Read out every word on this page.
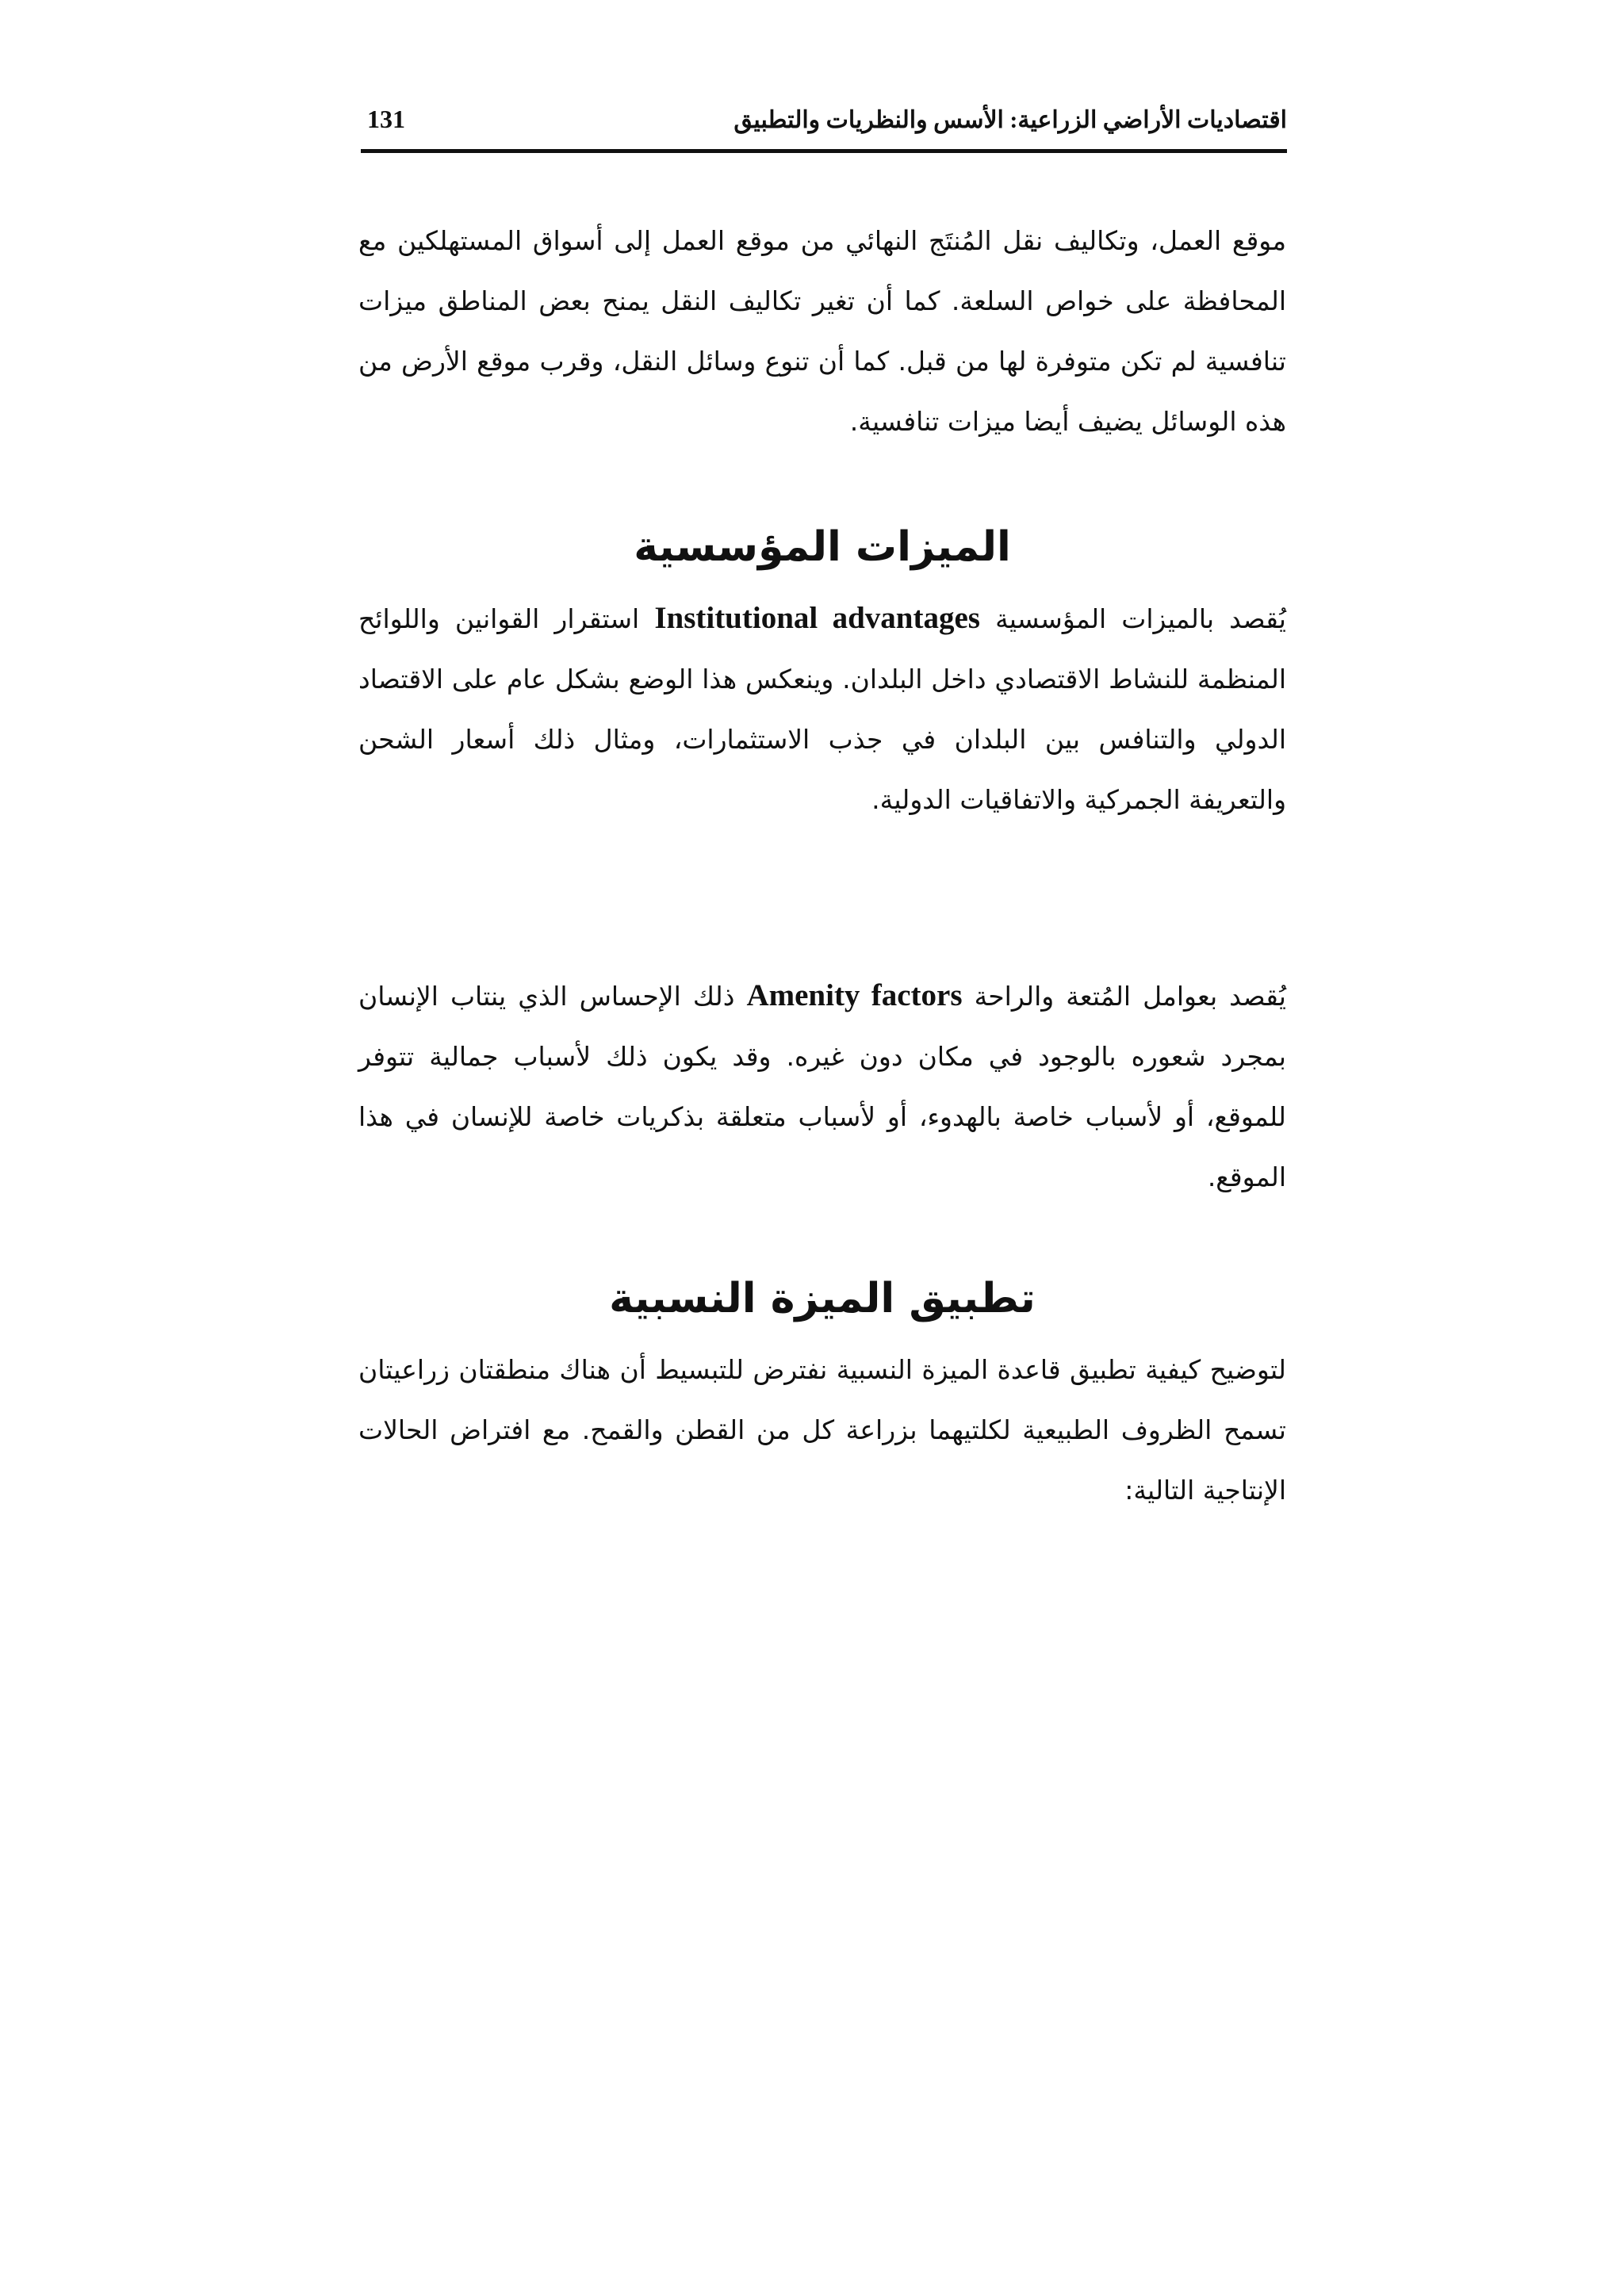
اقتصاديات الأراضي الزراعية: الأسس والنظريات والتطبيق
131

موقع العمل، وتكاليف نقل المُنتَج النهائي من موقع العمل إلى أسواق المستهلكين مع المحافظة على خواص السلعة. كما أن تغير تكاليف النقل يمنح بعض المناطق ميزات تنافسية لم تكن متوفرة لها من قبل. كما أن تنوع وسائل النقل، وقرب موقع الأرض من هذه الوسائل يضيف أيضا ميزات تنافسية.

الميزات المؤسسية

يُقصد بالميزات المؤسسية Institutional advantages استقرار القوانين واللوائح المنظمة للنشاط الاقتصادي داخل البلدان. وينعكس هذا الوضع بشكل عام على الاقتصاد الدولي والتنافس بين البلدان في جذب الاستثمارات، ومثال ذلك أسعار الشحن والتعريفة الجمركية والاتفاقيات الدولية.

يُقصد بعوامل المُتعة والراحة Amenity factors ذلك الإحساس الذي ينتاب الإنسان بمجرد شعوره بالوجود في مكان دون غيره. وقد يكون ذلك لأسباب جمالية تتوفر للموقع، أو لأسباب خاصة بالهدوء، أو لأسباب متعلقة بذكريات خاصة للإنسان في هذا الموقع.

تطبيق الميزة النسبية

لتوضيح كيفية تطبيق قاعدة الميزة النسبية نفترض للتبسيط أن هناك منطقتان زراعيتان تسمح الظروف الطبيعية لكلتيهما بزراعة كل من القطن والقمح. مع افتراض الحالات الإنتاجية التالية:
